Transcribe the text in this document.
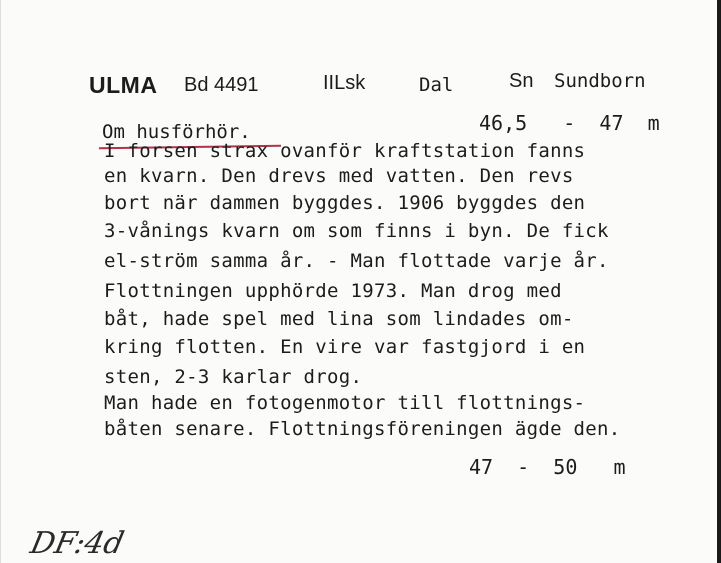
ULMA Bd 4491	IILsk	Dal	Sn Sundborn
Om husförhör.	46,5   -  47  m
I forsen strax ovanför kraftstation fanns
en kvarn. Den drevs med vatten. Den revs
bort när dammen byggdes. 1906 byggdes den
3-vånings kvarn om som finns i byn. De fick
el-ström samma år. - Man flottade varje år.
Flottningen upphörde 1973. Man drog med
båt, hade spel med lina som lindades om-
kring flotten. En vire var fastgjord i en
sten, 2-3 karlar drog.
Man hade en fotogenmotor till flottnings-
båten senare. Flottningsföreningen ägde den.
47  -  50   m
DF:4d
